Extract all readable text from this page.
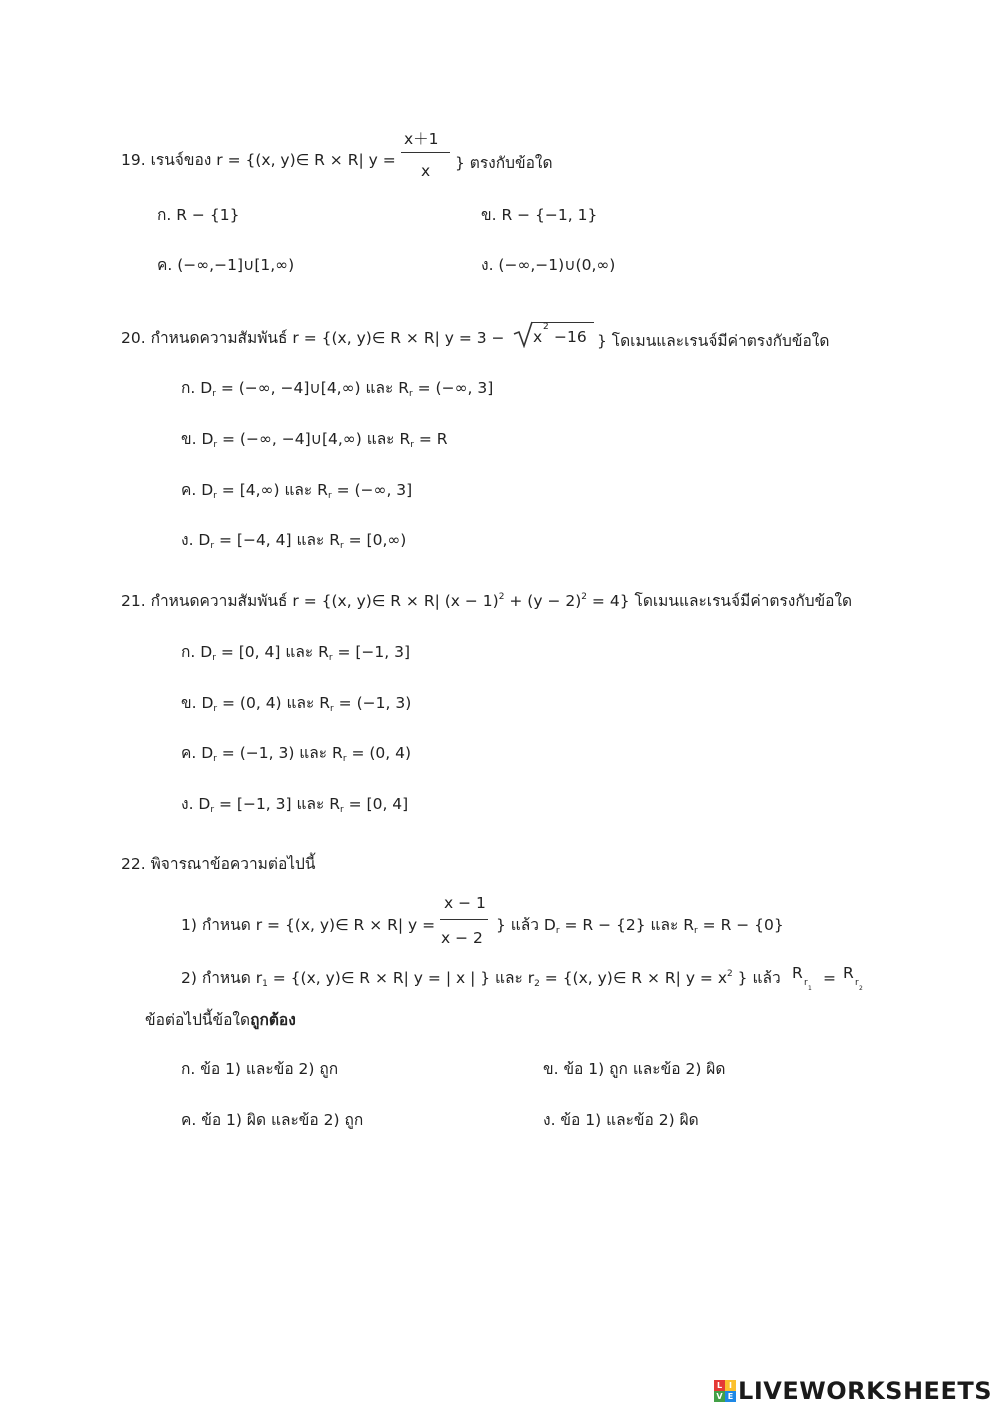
19. เรนจ์ของ r = {(x, y)∈ R × R| y =
x＋1
x } ตรงกับข้อใด
ก. R − {1}	ข. R − {−1, 1}
ค. (−∞,−1]∪[1,∞)	ง. (−∞,−1)∪(0,∞)
20. กำหนดความสัมพันธ์ r = {(x, y)∈ R × R| y = 3 − x
2
−16 } โดเมนและเรนจ์มีค่าตรงกับข้อใด
ก. $D_r$ = (−∞, −4]∪[4,∞) และ $R_r$ = (−∞, 3]
ข. $D_r$ = (−∞, −4]∪[4,∞) และ $R_r = R$
ค. $D_r = [4,\infty)$ และ $R_r$ = (−∞, 3]
ง. $D_r = [-4$, 4] และ $R_r = [0,\infty)$
21. กำหนดความสัมพันธ์ r = {(x, y)∈ R × R| $(x - 1)^2 + (y - 2)^2 = 4$} โดเมนและเรนจ์มีค่าตรงกับข้อใด
ก. $D_r = [0$, 4] และ $R_r = [-1$, 3]
ข. $D_r = (0$, 4) และ $R_r = (-1$, 3)
ค. $D_r = (-1$, 3) และ $R_r = (0$, 4)
ง. $D_r = [-1$, 3] และ $R_r = [0$, 4]
22. พิจารณาข้อความต่อไปนี้
1) กำหนด r = {(x, y)∈ R × R| y =
x − 1
x − 2
} แล้ว $D_r = R - \{2\}$ และ $R_r = R - \{0\}$
2) กำหนด $r_1 = \{(x$, y)∈ R × R| y = | x | } และ $r_2 = \{(x$, y)∈ R × R| $y = x^2$ } แล้ว R
r
1
= R
r
2
ข้อต่อไปนี้ข้อใดถูกต้อง
ก. ข้อ 1) และข้อ 2) ถูก	ข. ข้อ 1) ถูก และข้อ 2) ผิด
ค. ข้อ 1) ผิด และข้อ 2) ถูก	ง. ข้อ 1) และข้อ 2) ผิด
L I
V E LIVEWORKSHEETS
